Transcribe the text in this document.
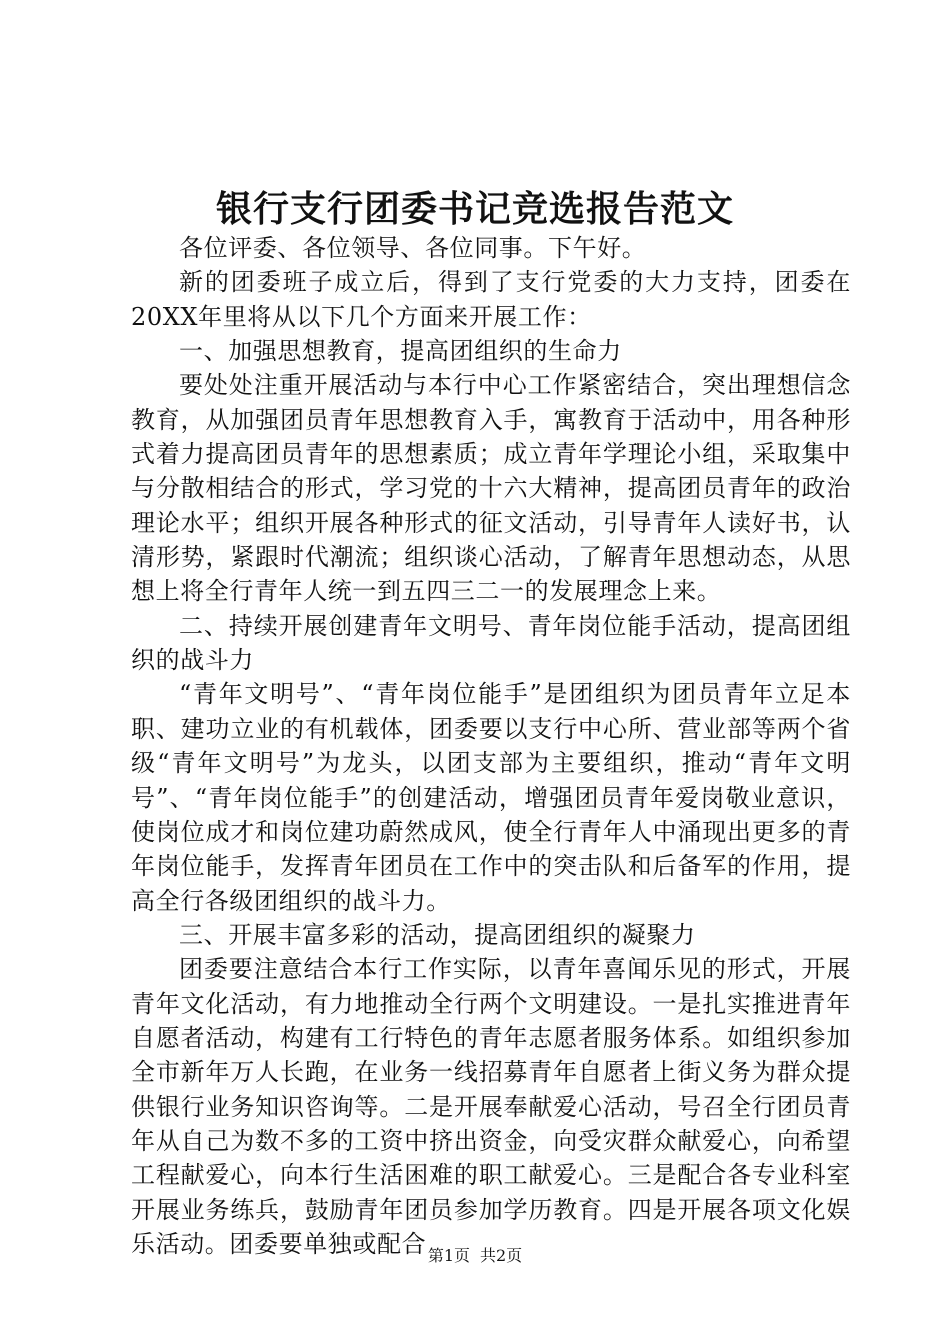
银行支行团委书记竞选报告范文

各位评委、各位领导、各位同事。下午好。

新的团委班子成立后，得到了支行党委的大力支持，团委在20XX年里将从以下几个方面来开展工作：

一、加强思想教育，提高团组织的生命力

要处处注重开展活动与本行中心工作紧密结合，突出理想信念教育，从加强团员青年思想教育入手，寓教育于活动中，用各种形式着力提高团员青年的思想素质；成立青年学理论小组，采取集中与分散相结合的形式，学习党的十六大精神，提高团员青年的政治理论水平；组织开展各种形式的征文活动，引导青年人读好书，认清形势，紧跟时代潮流；组织谈心活动，了解青年思想动态，从思想上将全行青年人统一到五四三二一的发展理念上来。

二、持续开展创建青年文明号、青年岗位能手活动，提高团组织的战斗力

“青年文明号”、“青年岗位能手”是团组织为团员青年立足本职、建功立业的有机载体，团委要以支行中心所、营业部等两个省级“青年文明号”为龙头，以团支部为主要组织，推动“青年文明号”、“青年岗位能手”的创建活动，增强团员青年爱岗敬业意识，使岗位成才和岗位建功蔚然成风，使全行青年人中涌现出更多的青年岗位能手，发挥青年团员在工作中的突击队和后备军的作用，提高全行各级团组织的战斗力。

三、开展丰富多彩的活动，提高团组织的凝聚力

团委要注意结合本行工作实际，以青年喜闻乐见的形式，开展青年文化活动，有力地推动全行两个文明建设。一是扎实推进青年自愿者活动，构建有工行特色的青年志愿者服务体系。如组织参加全市新年万人长跑，在业务一线招募青年自愿者上街义务为群众提供银行业务知识咨询等。二是开展奉献爱心活动，号召全行团员青年从自己为数不多的工资中挤出资金，向受灾群众献爱心，向希望工程献爱心，向本行生活困难的职工献爱心。三是配合各专业科室开展业务练兵，鼓励青年团员参加学历教育。四是开展各项文化娱乐活动。团委要单独或配合 第1页 共2页
